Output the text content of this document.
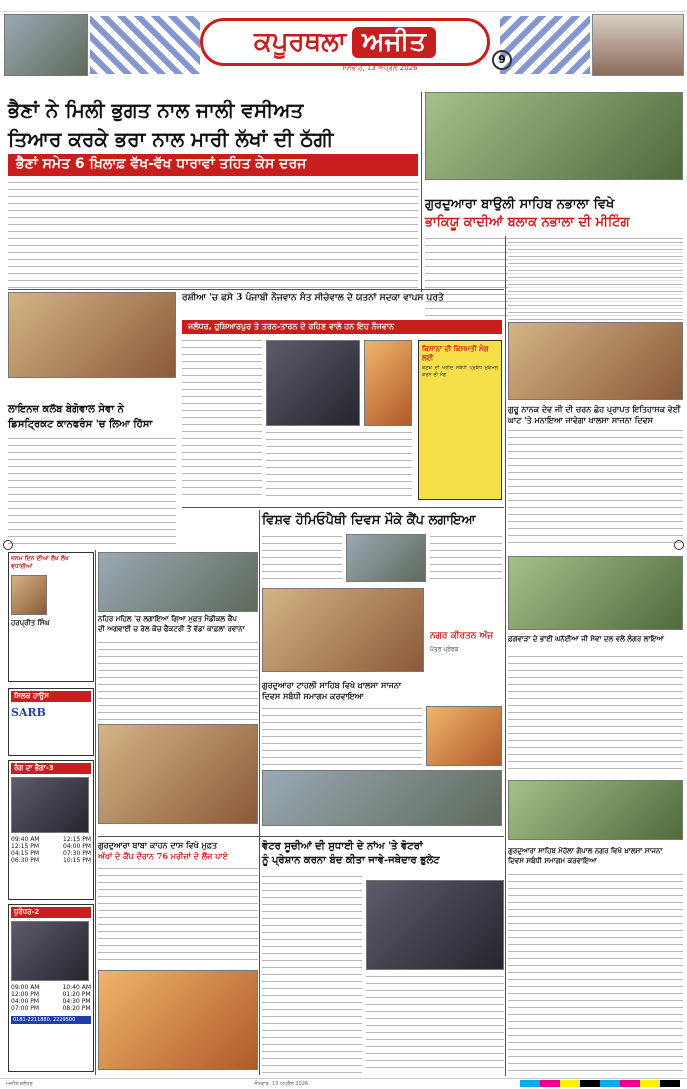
ਕਪੂਰਥਲਾ ਅਜੀਤ
9
ਸੋਮਵਾਰ, 13 ਅਪ੍ਰੈਲ 2026
ਭੈਣਾਂ ਨੇ ਮਿਲੀ ਭੁਗਤ ਨਾਲ ਜਾਲੀ ਵਸੀਅਤ
ਤਿਆਰ ਕਰਕੇ ਭਰਾ ਨਾਲ ਮਾਰੀ ਲੱਖਾਂ ਦੀ ਠੱਗੀ
ਭੈਣਾਂ ਸਮੇਤ 6 ਖ਼ਿਲਾਫ਼ ਵੱਖ-ਵੱਖ ਧਾਰਾਵਾਂ ਤਹਿਤ ਕੇਸ ਦਰਜ
ਗੁਰਦੁਆਰਾ ਬਾਉਲੀ ਸਾਹਿਬ ਨਭਾਲਾ ਵਿਖੇ
ਭਾਕਿਯੂ ਕਾਦੀਆਂ ਬਲਾਕ ਨਭਾਲਾ ਦੀ ਮੀਟਿੰਗ
ਲਾਇਨਜ਼ ਕਲੱਬ ਬੇਗੋਵਾਲ ਸੇਵਾ ਨੇ
ਡਿਸਟ੍ਰਿਕਟ ਕਾਨਫਰੰਸ 'ਚ ਲਿਆ ਹਿੱਸਾ
ਰਸ਼ੀਆ 'ਚ ਫਸੇ 3 ਪੰਜਾਬੀ ਨੌਜਵਾਨ ਸੰਤ ਸੀਚੇਵਾਲ ਦੇ ਯਤਨਾਂ ਸਦਕਾ ਵਾਪਸ ਪਰਤੇ
ਜਲੰਧਰ, ਹੁਸ਼ਿਆਰਪੁਰ ਤੇ ਤਰਨ-ਤਾਰਨ ਦੇ ਰਹਿਣ ਵਾਲੇ ਹਨ ਇਹ ਨੌਜਵਾਨ
ਕਿਸਾਨਾਂ ਦੀ ਕਿਸਮਤੀ ਮੰਗ ਲਈ
ਕਣਕ ਦੀ ਖਰੀਦ ਸਬੰਧੀ ਪ੍ਰਬੰਧ ਮੁਕੰਮਲ ਕਰਨ ਦੀ ਮੰਗ
ਗੁਰੂ ਨਾਨਕ ਦੇਵ ਜੀ ਦੀ ਚਰਨ ਛੋਹ ਪ੍ਰਾਪਤ ਇਤਿਹਾਸਕ ਵੇਈਂ
ਘਾਟ 'ਤੇ ਮਨਾਇਆ ਜਾਵੇਗਾ ਖਾਲਸਾ ਸਾਜਨਾ ਦਿਵਸ
ਵਿਸ਼ਵ ਹੋਮਿਓਪੈਥੀ ਦਿਵਸ ਮੌਕੇ ਕੈਂਪ ਲਗਾਇਆ
ਨਗਰ ਕੀਰਤਨ ਅੱਜ
ਪੱਤਰ ਪ੍ਰੇਰਕ
ਜਨਮ ਦਿਨ ਦੀਆਂ ਲੱਖ ਲੱਖ ਵਧਾਈਆਂ
ਹਰਪ੍ਰੀਤ ਸਿੰਘ	ਨਹਿਰ ਮਹਿਲ 'ਚ ਲਗਾਇਆ ਗਿਆ ਮੁਫ਼ਤ ਮੈਡੀਕਲ ਕੈਂਪ
ਦੀ ਅਗਵਾਈ ਚ ਰੇਲ ਕੋਚ ਫੈਕਟਰੀ ਤੋਂ ਵੱਡਾ ਕਾਫ਼ਲਾ ਰਵਾਨਾ
ਫ਼ਗਵਾੜਾ ਦੇ ਭਾਈ ਘਨੱਈਆ ਜੀ ਸੇਵਾ ਦਲ ਵਲੋਂ ਲੰਗਰ ਲਾਇਆ
ਗੁਰਦੁਆਰਾ ਟਾਹਲੀ ਸਾਹਿਬ ਵਿਖੇ ਖ਼ਾਲਸਾ ਸਾਜਨਾ
ਦਿਵਸ ਸਬੰਧੀ ਸਮਾਗਮ ਕਰਵਾਇਆ
ਸਿਲਕ ਹਾਊਸ
SARB
ਰੰਗ ਦਾ ਭੈਂਗਾ-3
09:40 AM
12:15 PM
04:15 PM
06:30 PM
12:15 PM
04:00 PM
07:30 PM
10:15 PM
ਗੁਰਦੁਆਰਾ ਸਾਹਿਬ ਮੋਹੱਲਾ ਗੋਪਾਲ ਨਗਰ ਵਿਖੇ ਖ਼ਾਲਸਾ ਸਾਜਨਾ
ਦਿਵਸ ਸਬੰਧੀ ਸਮਾਗਮ ਕਰਵਾਇਆ
ਗੁਰਦੁਆਰਾ ਬਾਬਾ ਕਾਹਨ ਦਾਸ ਵਿਖੇ ਮੁਫ਼ਤ
ਅੱਖਾਂ ਦੇ ਕੈਂਪ ਦੌਰਾਨ 76 ਮਰੀਜ਼ਾਂ ਦੇ ਲੈਂਜ਼ ਪਾਏ
ਵੋਟਰ ਸੂਚੀਆਂ ਦੀ ਸੁਧਾਈ ਦੇ ਨਾਂਅ 'ਤੇ ਵੋਟਰਾਂ
ਨੂੰ ਪ੍ਰੇਸ਼ਾਨ ਕਰਨਾ ਬੰਦ ਕੀਤਾ ਜਾਵੇ-ਜਥੇਦਾਰ ਭੁਲੇਟ
ਧੁਰੰਧਰ-2
09:00 AM
12:00 PM
04:00 PM
07:00 PM
10:40 AM
01:20 PM
04:30 PM
08:20 PM
0181-2211880, 2229500
ਅਜੀਤ ਜਲੰਧਰ	ਸੋਮਵਾਰ, 13 ਅਪ੍ਰੈਲ 2026
